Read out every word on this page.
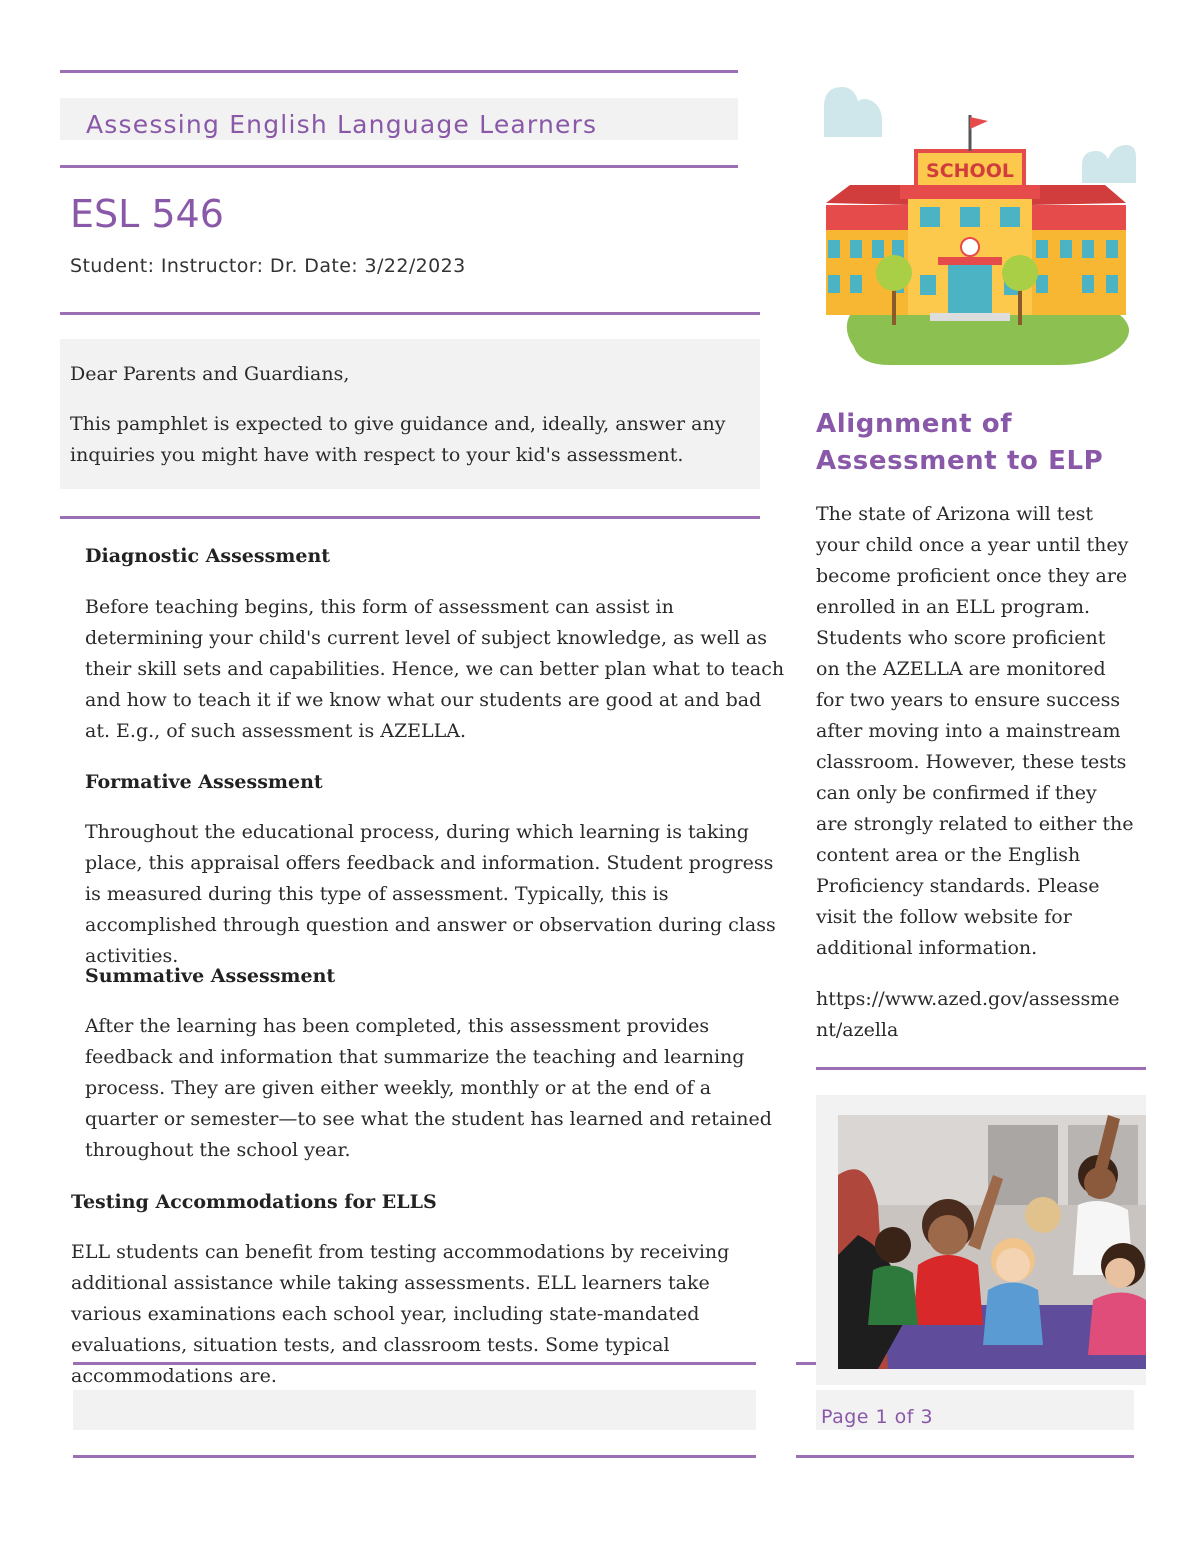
Assessing English Language Learners
ESL 546
Student: Instructor: Dr. Date: 3/22/2023

Dear Parents and Guardians,

This pamphlet is expected to give guidance and, ideally, answer any inquiries you might have with respect to your kid's assessment.

Diagnostic Assessment

Before teaching begins, this form of assessment can assist in determining your child's current level of subject knowledge, as well as their skill sets and capabilities. Hence, we can better plan what to teach and how to teach it if we know what our students are good at and bad at. E.g., of such assessment is AZELLA.

Formative Assessment

Throughout the educational process, during which learning is taking place, this appraisal offers feedback and information. Student progress is measured during this type of assessment. Typically, this is accomplished through question and answer or observation during class activities.

Summative Assessment

After the learning has been completed, this assessment provides feedback and information that summarize the teaching and learning process. They are given either weekly, monthly or at the end of a quarter or semester—to see what the student has learned and retained throughout the school year.

Testing Accommodations for ELLS

ELL students can benefit from testing accommodations by receiving additional assistance while taking assessments. ELL learners take various examinations each school year, including state-mandated evaluations, situation tests, and classroom tests. Some typical accommodations are.

SCHOOL
Alignment of Assessment to ELP

The state of Arizona will test your child once a year until they become proficient once they are enrolled in an ELL program. Students who score proficient on the AZELLA are monitored for two years to ensure success after moving into a mainstream classroom. However, these tests can only be confirmed if they are strongly related to either the content area or the English Proficiency standards. Please visit the follow website for additional information.

https://www.azed.gov/assessment/azella
Page 1 of 3
